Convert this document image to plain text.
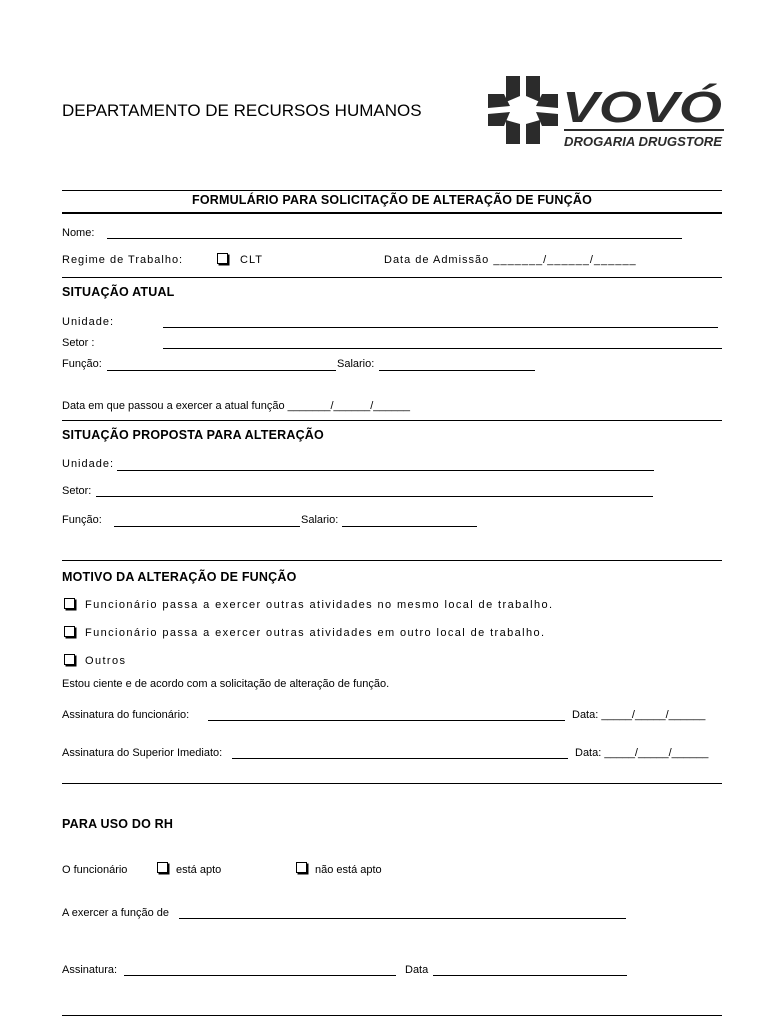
DEPARTAMENTO DE RECURSOS HUMANOS	VOVÓ
DROGARIA DRUGSTORE
FORMULÁRIO PARA SOLICITAÇÃO DE ALTERAÇÃO DE FUNÇÃO
Nome:
Regime de Trabalho:	CLT	Data de Admissão _______/______/______
SITUAÇÃO ATUAL
Unidade:
Setor :
Função:	Salario:
Data em que passou a exercer a atual função _______/______/______
SITUAÇÃO PROPOSTA PARA ALTERAÇÃO
Unidade:
Setor:
Função:	Salario:
MOTIVO DA ALTERAÇÃO DE FUNÇÃO
Funcionário passa a exercer outras atividades no mesmo local de trabalho.
Funcionário passa a exercer outras atividades em outro local de trabalho.
Outros
Estou ciente e de acordo com a solicitação de alteração de função.
Assinatura do funcionário:	Data: _____/_____/______
Assinatura do Superior Imediato:	Data: _____/_____/______
PARA USO DO RH
O funcionário	está apto	não está apto
A exercer a função de
Assinatura:	Data
